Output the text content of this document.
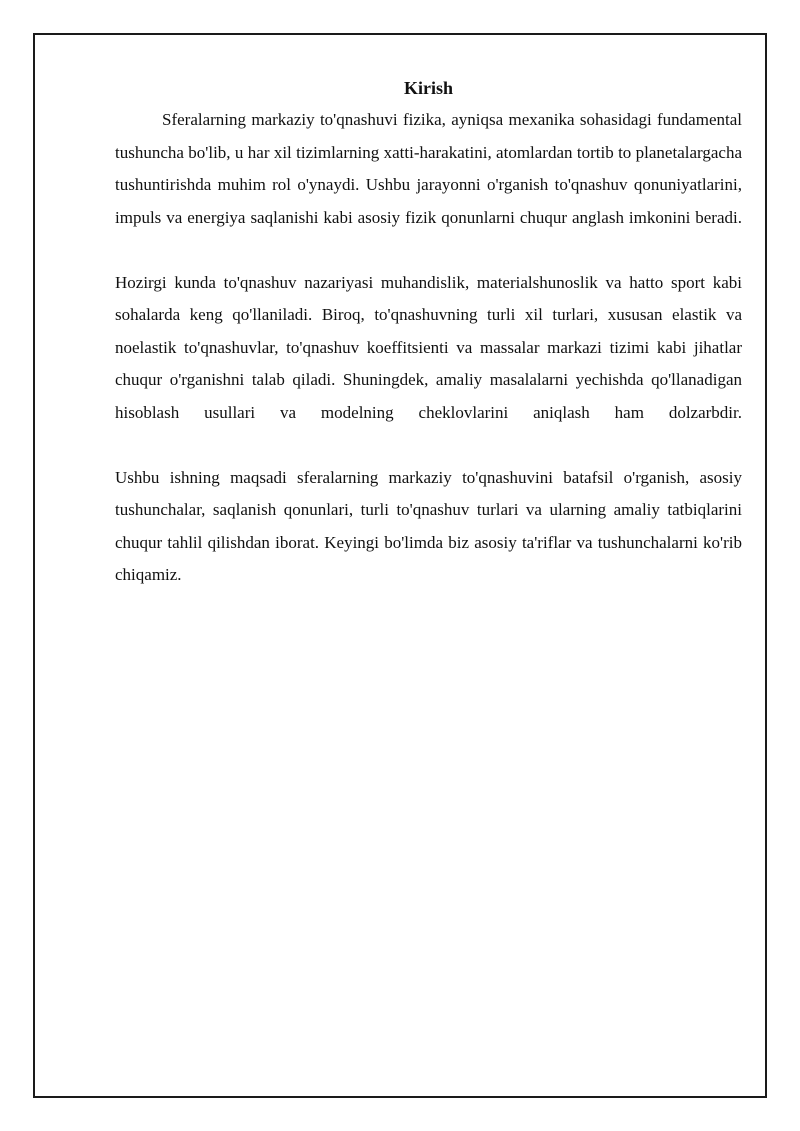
Kirish

Sferalarning markaziy to'qnashuvi fizika, ayniqsa mexanika sohasidagi fundamental tushuncha bo'lib, u har xil tizimlarning xatti-harakatini, atomlardan tortib to planetalargacha tushuntirishda muhim rol o'ynaydi. Ushbu jarayonni o'rganish to'qnashuv qonuniyatlarini, impuls va energiya saqlanishi kabi asosiy fizik qonunlarni chuqur anglash imkonini beradi.

Hozirgi kunda to'qnashuv nazariyasi muhandislik, materialshunoslik va hatto sport kabi sohalarda keng qo'llaniladi. Biroq, to'qnashuvning turli xil turlari, xususan elastik va noelastik to'qnashuvlar, to'qnashuv koeffitsienti va massalar markazi tizimi kabi jihatlar chuqur o'rganishni talab qiladi. Shuningdek, amaliy masalalarni yechishda qo'llanadigan hisoblash usullari va modelning cheklovlarini aniqlash ham dolzarbdir.

Ushbu ishning maqsadi sferalarning markaziy to'qnashuvini batafsil o'rganish, asosiy tushunchalar, saqlanish qonunlari, turli to'qnashuv turlari va ularning amaliy tatbiqlarini chuqur tahlil qilishdan iborat. Keyingi bo'limda biz asosiy ta'riflar va tushunchalarni ko'rib chiqamiz.
